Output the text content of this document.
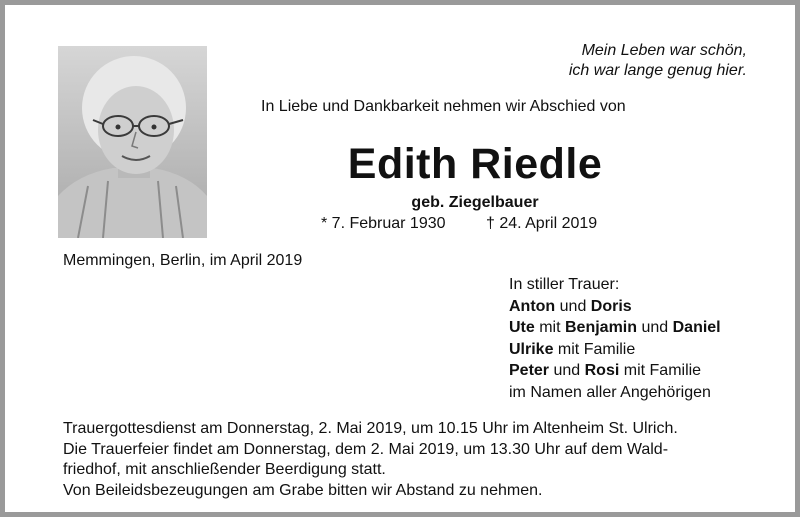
Mein Leben war schön,
ich war lange genug hier.
In Liebe und Dankbarkeit nehmen wir Abschied von
Edith Riedle
geb. Ziegelbauer
* 7. Februar 1930	† 24. April 2019
Memmingen, Berlin, im April 2019
In stiller Trauer:
Anton und Doris
Ute mit Benjamin und Daniel
Ulrike mit Familie
Peter und Rosi mit Familie
im Namen aller Angehörigen
Trauergottesdienst am Donnerstag, 2. Mai 2019, um 10.15 Uhr im Altenheim St. Ulrich.
Die Trauerfeier findet am Donnerstag, dem 2. Mai 2019, um 13.30 Uhr auf dem Wald-
friedhof, mit anschließender Beerdigung statt.
Von Beileidsbezeugungen am Grabe bitten wir Abstand zu nehmen.
